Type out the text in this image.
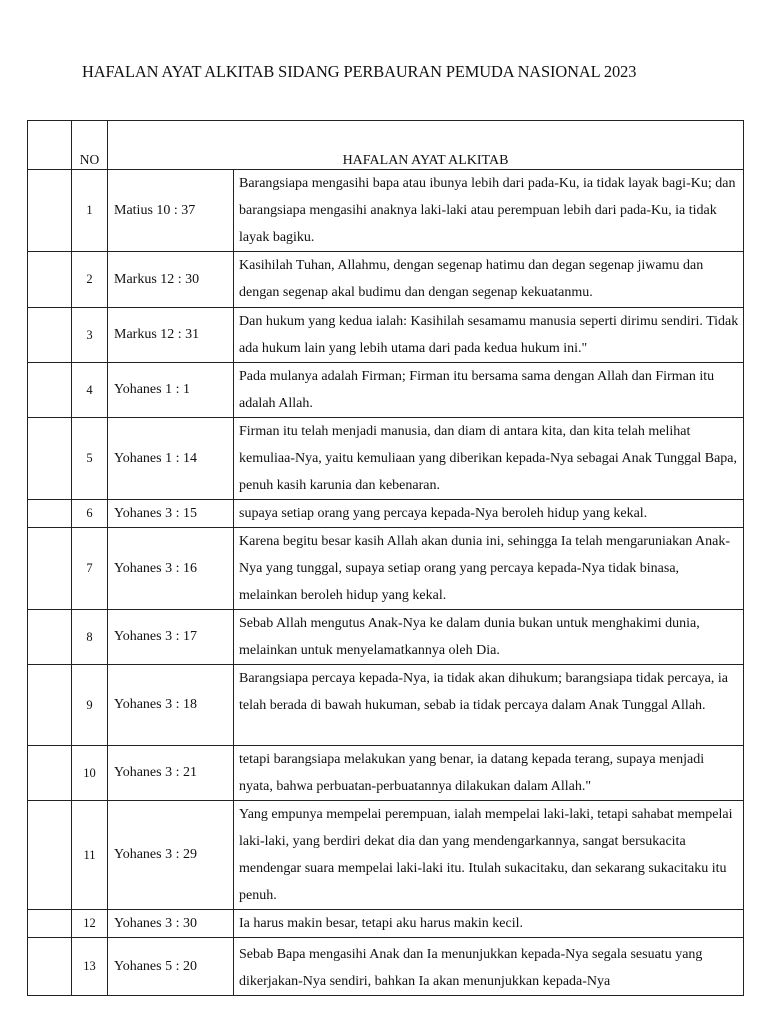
HAFALAN AYAT ALKITAB SIDANG PERBAURAN PEMUDA NASIONAL 2023
	NO	HAFALAN AYAT ALKITAB	
	1	Matius 10 : 37	Barangsiapa mengasihi bapa atau ibunya lebih dari pada-Ku, ia tidak layak bagi-Ku; dan barangsiapa mengasihi anaknya laki-laki atau perempuan lebih dari pada-Ku, ia tidak layak bagiku.
	2	Markus 12 : 30	Kasihilah Tuhan, Allahmu, dengan segenap hatimu dan degan segenap jiwamu dan dengan segenap akal budimu dan dengan segenap kekuatanmu.
	3	Markus 12 : 31	Dan hukum yang kedua ialah: Kasihilah sesamamu manusia seperti dirimu sendiri. Tidak ada hukum lain yang lebih utama dari pada kedua hukum ini."
	4	Yohanes 1 : 1	Pada mulanya adalah Firman; Firman itu bersama sama dengan Allah dan Firman itu adalah Allah.
	5	Yohanes 1 : 14	Firman itu telah menjadi manusia, dan diam di antara kita, dan kita telah melihat kemuliaa-Nya, yaitu kemuliaan yang diberikan kepada-Nya sebagai Anak Tunggal Bapa, penuh kasih karunia dan kebenaran.
	6	Yohanes 3 : 15	supaya setiap orang yang percaya kepada-Nya beroleh hidup yang kekal.
	7	Yohanes 3 : 16	Karena begitu besar kasih Allah akan dunia ini, sehingga Ia telah mengaruniakan Anak-Nya yang tunggal, supaya setiap orang yang percaya kepada-Nya tidak binasa, melainkan beroleh hidup yang kekal.
	8	Yohanes 3 : 17	Sebab Allah mengutus Anak-Nya ke dalam dunia bukan untuk menghakimi dunia, melainkan untuk menyelamatkannya oleh Dia.
	9	Yohanes 3 : 18	Barangsiapa percaya kepada-Nya, ia tidak akan dihukum; barangsiapa tidak percaya, ia telah berada di bawah hukuman, sebab ia tidak percaya dalam Anak Tunggal Allah.
	10	Yohanes 3 : 21	tetapi barangsiapa melakukan yang benar, ia datang kepada terang, supaya menjadi nyata, bahwa perbuatan-perbuatannya dilakukan dalam Allah."
	11	Yohanes 3 : 29	Yang empunya mempelai perempuan, ialah mempelai laki-laki, tetapi sahabat mempelai laki-laki, yang berdiri dekat dia dan yang mendengarkannya, sangat bersukacita mendengar suara mempelai laki-laki itu. Itulah sukacitaku, dan sekarang sukacitaku itu penuh.
	12	Yohanes 3 : 30	Ia harus makin besar, tetapi aku harus makin kecil.
	13	Yohanes 5 : 20	Sebab Bapa mengasihi Anak dan Ia menunjukkan kepada-Nya segala sesuatu yang dikerjakan-Nya sendiri, bahkan Ia akan menunjukkan kepada-Nya
